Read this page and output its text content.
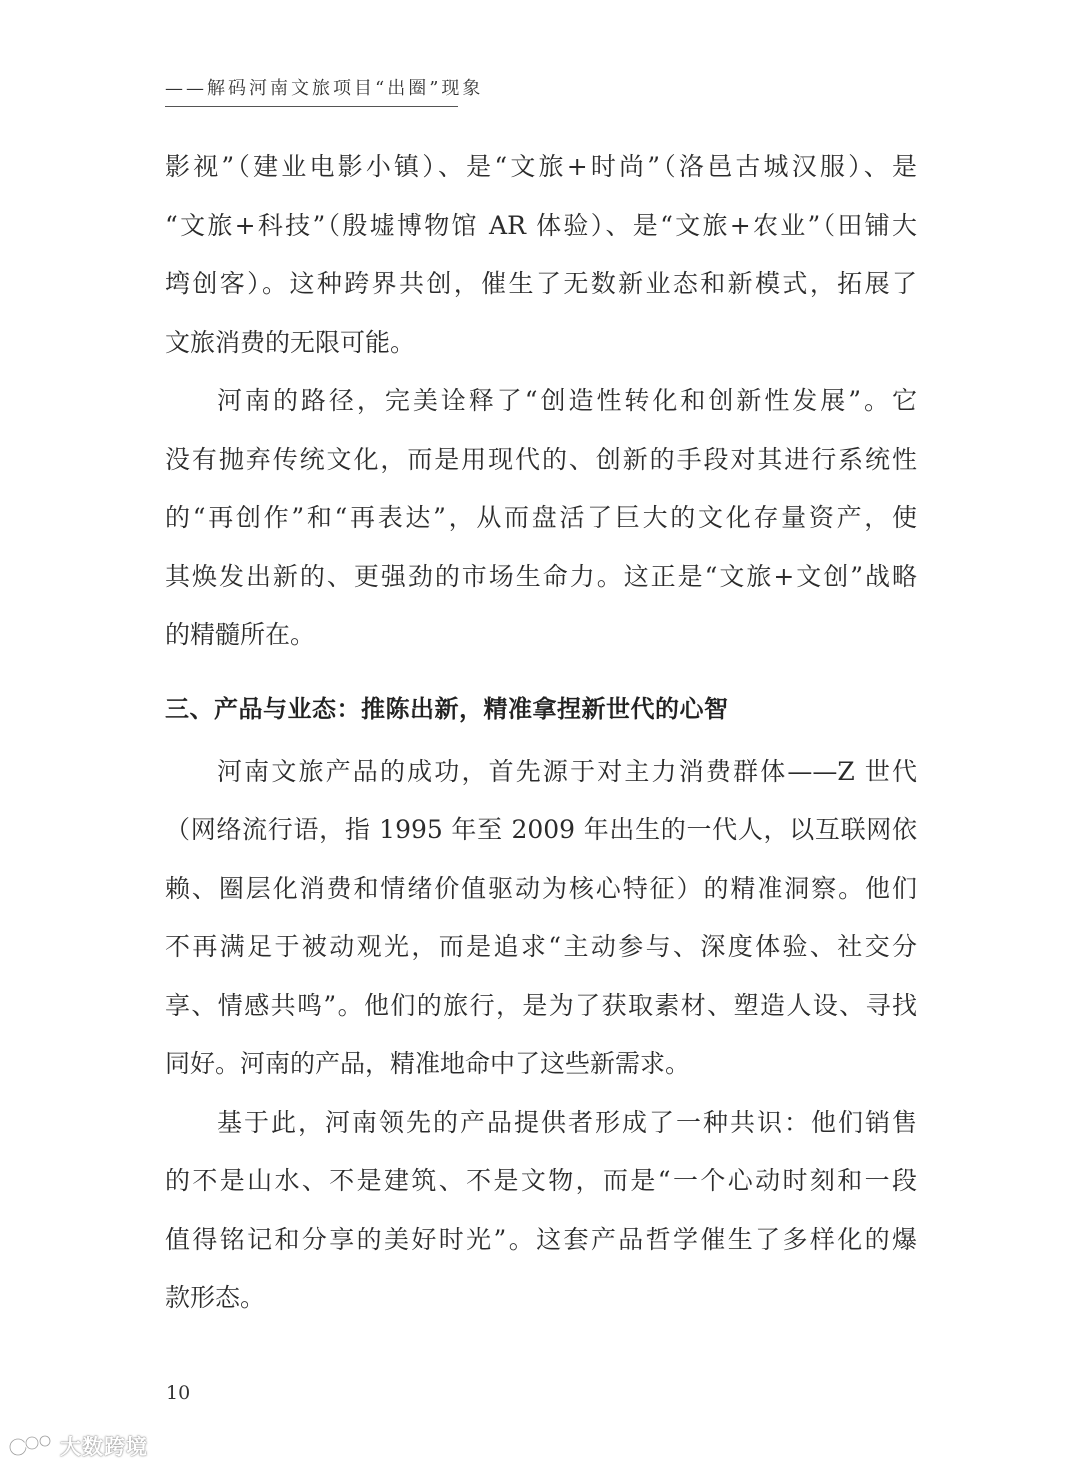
——解码河南文旅项目“出圈”现象
影视”（建业电影小镇）、是“文旅+时尚”（洛邑古城汉服）、是
“文旅+科技”（殷墟博物馆 AR 体验）、是“文旅+农业”（田铺大
塆创客）。这种跨界共创，催生了无数新业态和新模式，拓展了
文旅消费的无限可能。
河南的路径，完美诠释了“创造性转化和创新性发展”。它
没有抛弃传统文化，而是用现代的、创新的手段对其进行系统性
的“再创作”和“再表达”，从而盘活了巨大的文化存量资产，使
其焕发出新的、更强劲的市场生命力。这正是“文旅+文创”战略
的精髓所在。
三、产品与业态：推陈出新，精准拿捏新世代的心智
河南文旅产品的成功，首先源于对主力消费群体——Z 世代
（网络流行语，指 1995 年至 2009 年出生的一代人，以互联网依
赖、圈层化消费和情绪价值驱动为核心特征）的精准洞察。他们
不再满足于被动观光，而是追求“主动参与、深度体验、社交分
享、情感共鸣”。他们的旅行，是为了获取素材、塑造人设、寻找
同好。河南的产品，精准地命中了这些新需求。
基于此，河南领先的产品提供者形成了一种共识：他们销售
的不是山水、不是建筑、不是文物，而是“一个心动时刻和一段
值得铭记和分享的美好时光”。这套产品哲学催生了多样化的爆
款形态。
10
大数跨境
